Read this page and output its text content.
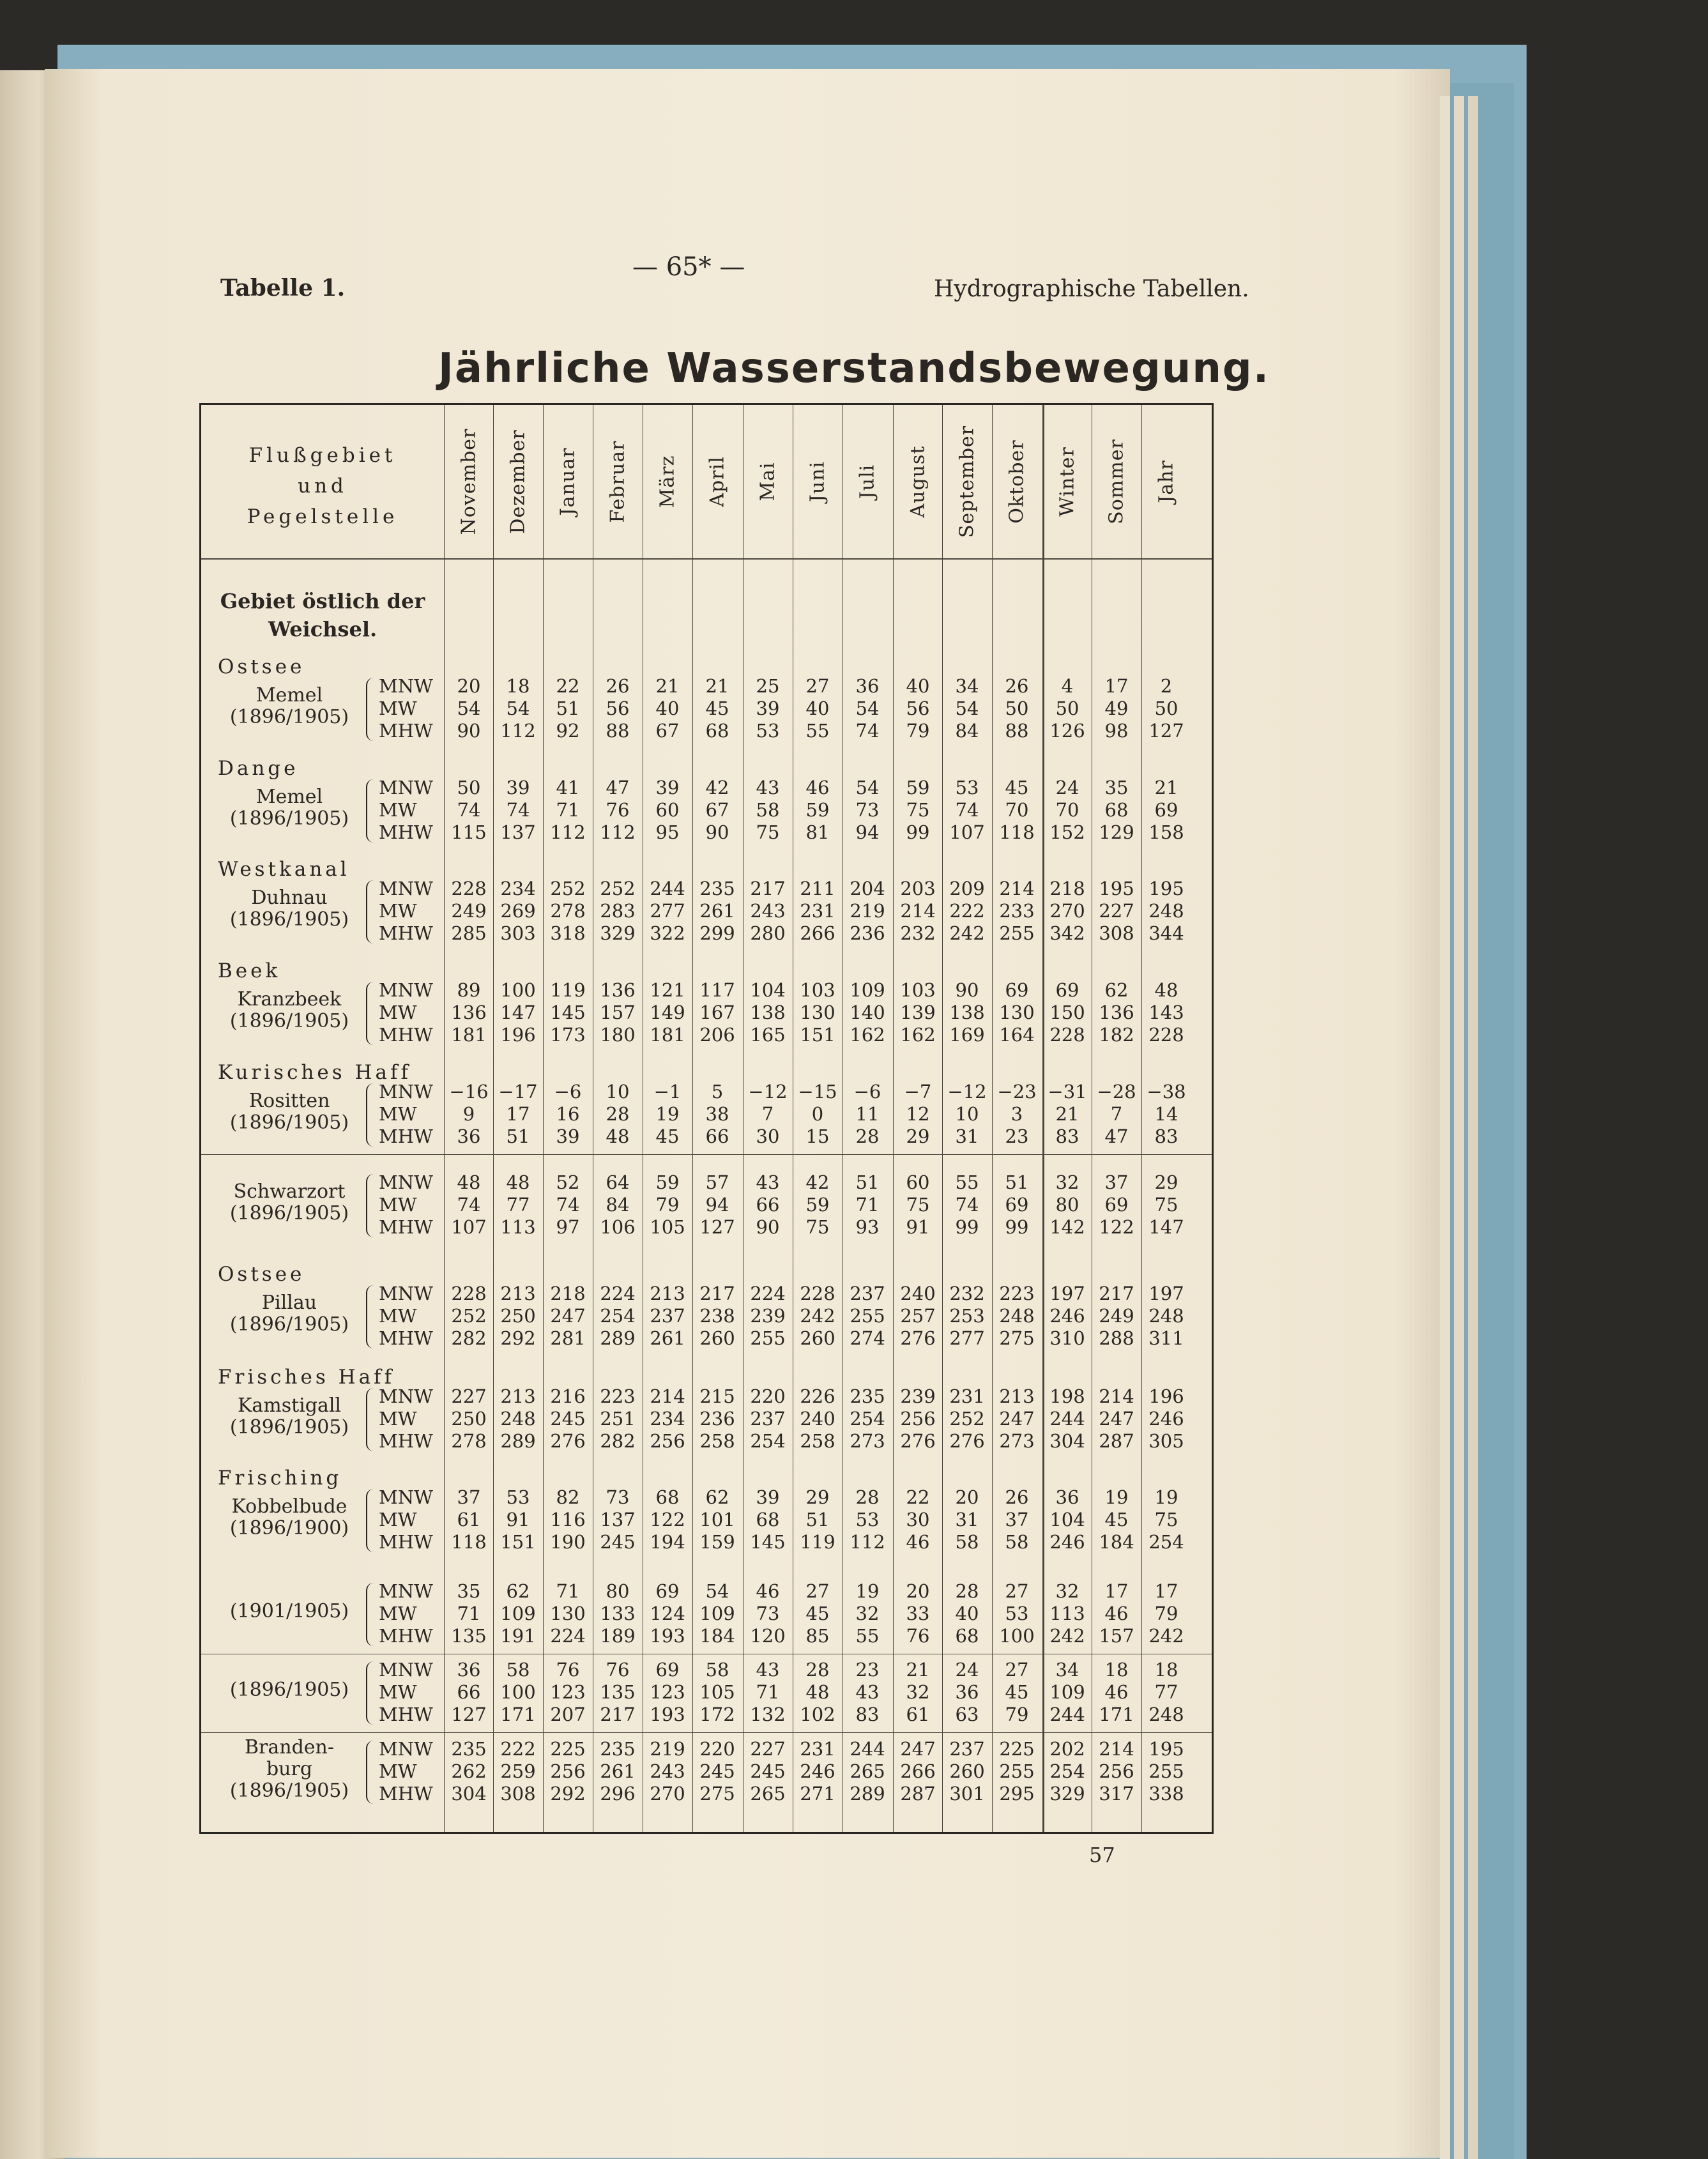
Tabelle 1.
— 65* —
Hydrographische Tabellen.
Jährliche Wasserstandsbewegung.
Flußgebiet
und
Pegelstelle
Gebiet östlich der
Weichsel.
November Dezember Januar Februar März April Mai Juni Juli August September Oktober Winter Sommer Jahr
Ostsee
Memel
(1896/1905)
MNW
MW
MHW
20	18	22	26	21	21	25	27	36	40	34	26	4	17	2
54	54	51	56	40	45	39	40	54	56	54	50	50	49	50
90	112	92	88	67	68	53	55	74	79	84	88	126	98	127
Dange
Memel
(1896/1905)
MNW
MW
MHW
50	39	41	47	39	42	43	46	54	59	53	45	24	35	21
74	74	71	76	60	67	58	59	73	75	74	70	70	68	69
115 137 112 112	95	90	75	81	94	99	107 118 152 129 158
Westkanal
Duhnau
(1896/1905)
MNW
MW
MHW
228 234 252 252 244 235 217 211 204 203 209 214 218 195 195
249 269 278 283 277 261 243 231 219 214 222 233 270 227 248
285 303 318 329 322 299 280 266 236 232 242 255 342 308 344
Beek
Kranzbeek
(1896/1905)
MNW
MW
MHW
89	100 119 136 121 117 104 103 109 103	90	69	69	62	48
136 147 145 157 149 167 138 130 140 139 138 130 150 136 143
181 196 173 180 181 206 165 151 162 162 169 164 228 182 228
Kurisches Haff
Rositten
(1896/1905)
MNW
MW
MHW
−16 −17 −6	10	−1	5	−12 −15 −6	−7 −12 −23 −31 −28 −38
9	17	16	28	19	38	7	0	11	12	10	3	21	7	14
36	51	39	48	45	66	30	15	28	29	31	23	83	47	83
Schwarzort
(1896/1905)
MNW
MW
MHW
48	48	52	64	59	57	43	42	51	60	55	51	32	37	29
74	77	74	84	79	94	66	59	71	75	74	69	80	69	75
107 113	97	106 105 127	90	75	93	91	99	99	142 122 147
Ostsee
Pillau
(1896/1905)
MNW
MW
MHW
228 213 218 224 213 217 224 228 237 240 232 223 197 217 197
252 250 247 254 237 238 239 242 255 257 253 248 246 249 248
282 292 281 289 261 260 255 260 274 276 277 275 310 288 311
Frisches Haff
Kamstigall
(1896/1905)
MNW
MW
MHW
227 213 216 223 214 215 220 226 235 239 231 213 198 214 196
250 248 245 251 234 236 237 240 254 256 252 247 244 247 246
278 289 276 282 256 258 254 258 273 276 276 273 304 287 305
Frisching
Kobbelbude
(1896/1900)
MNW
MW
MHW
37	53	82	73	68	62	39	29	28	22	20	26	36	19	19
61	91	116 137 122 101	68	51	53	30	31	37	104	45	75
118 151 190 245 194 159 145 119 112	46	58	58	246 184 254
(1901/1905)
MNW
MW
MHW
35	62	71	80	69	54	46	27	19	20	28	27	32	17	17
71	109 130 133 124 109	73	45	32	33	40	53	113	46	79
135 191 224 189 193 184 120	85	55	76	68	100 242 157 242
(1896/1905)
MNW
MW
MHW
36	58	76	76	69	58	43	28	23	21	24	27	34	18	18
66	100 123 135 123 105	71	48	43	32	36	45	109	46	77
127 171 207 217 193 172 132 102	83	61	63	79	244 171 248
Branden-
burg
(1896/1905)
MNW
MW
MHW
235 222 225 235 219 220 227 231 244 247 237 225 202 214 195
262 259 256 261 243 245 245 246 265 266 260 255 254 256 255
304 308 292 296 270 275 265 271 289 287 301 295 329 317 338
57
